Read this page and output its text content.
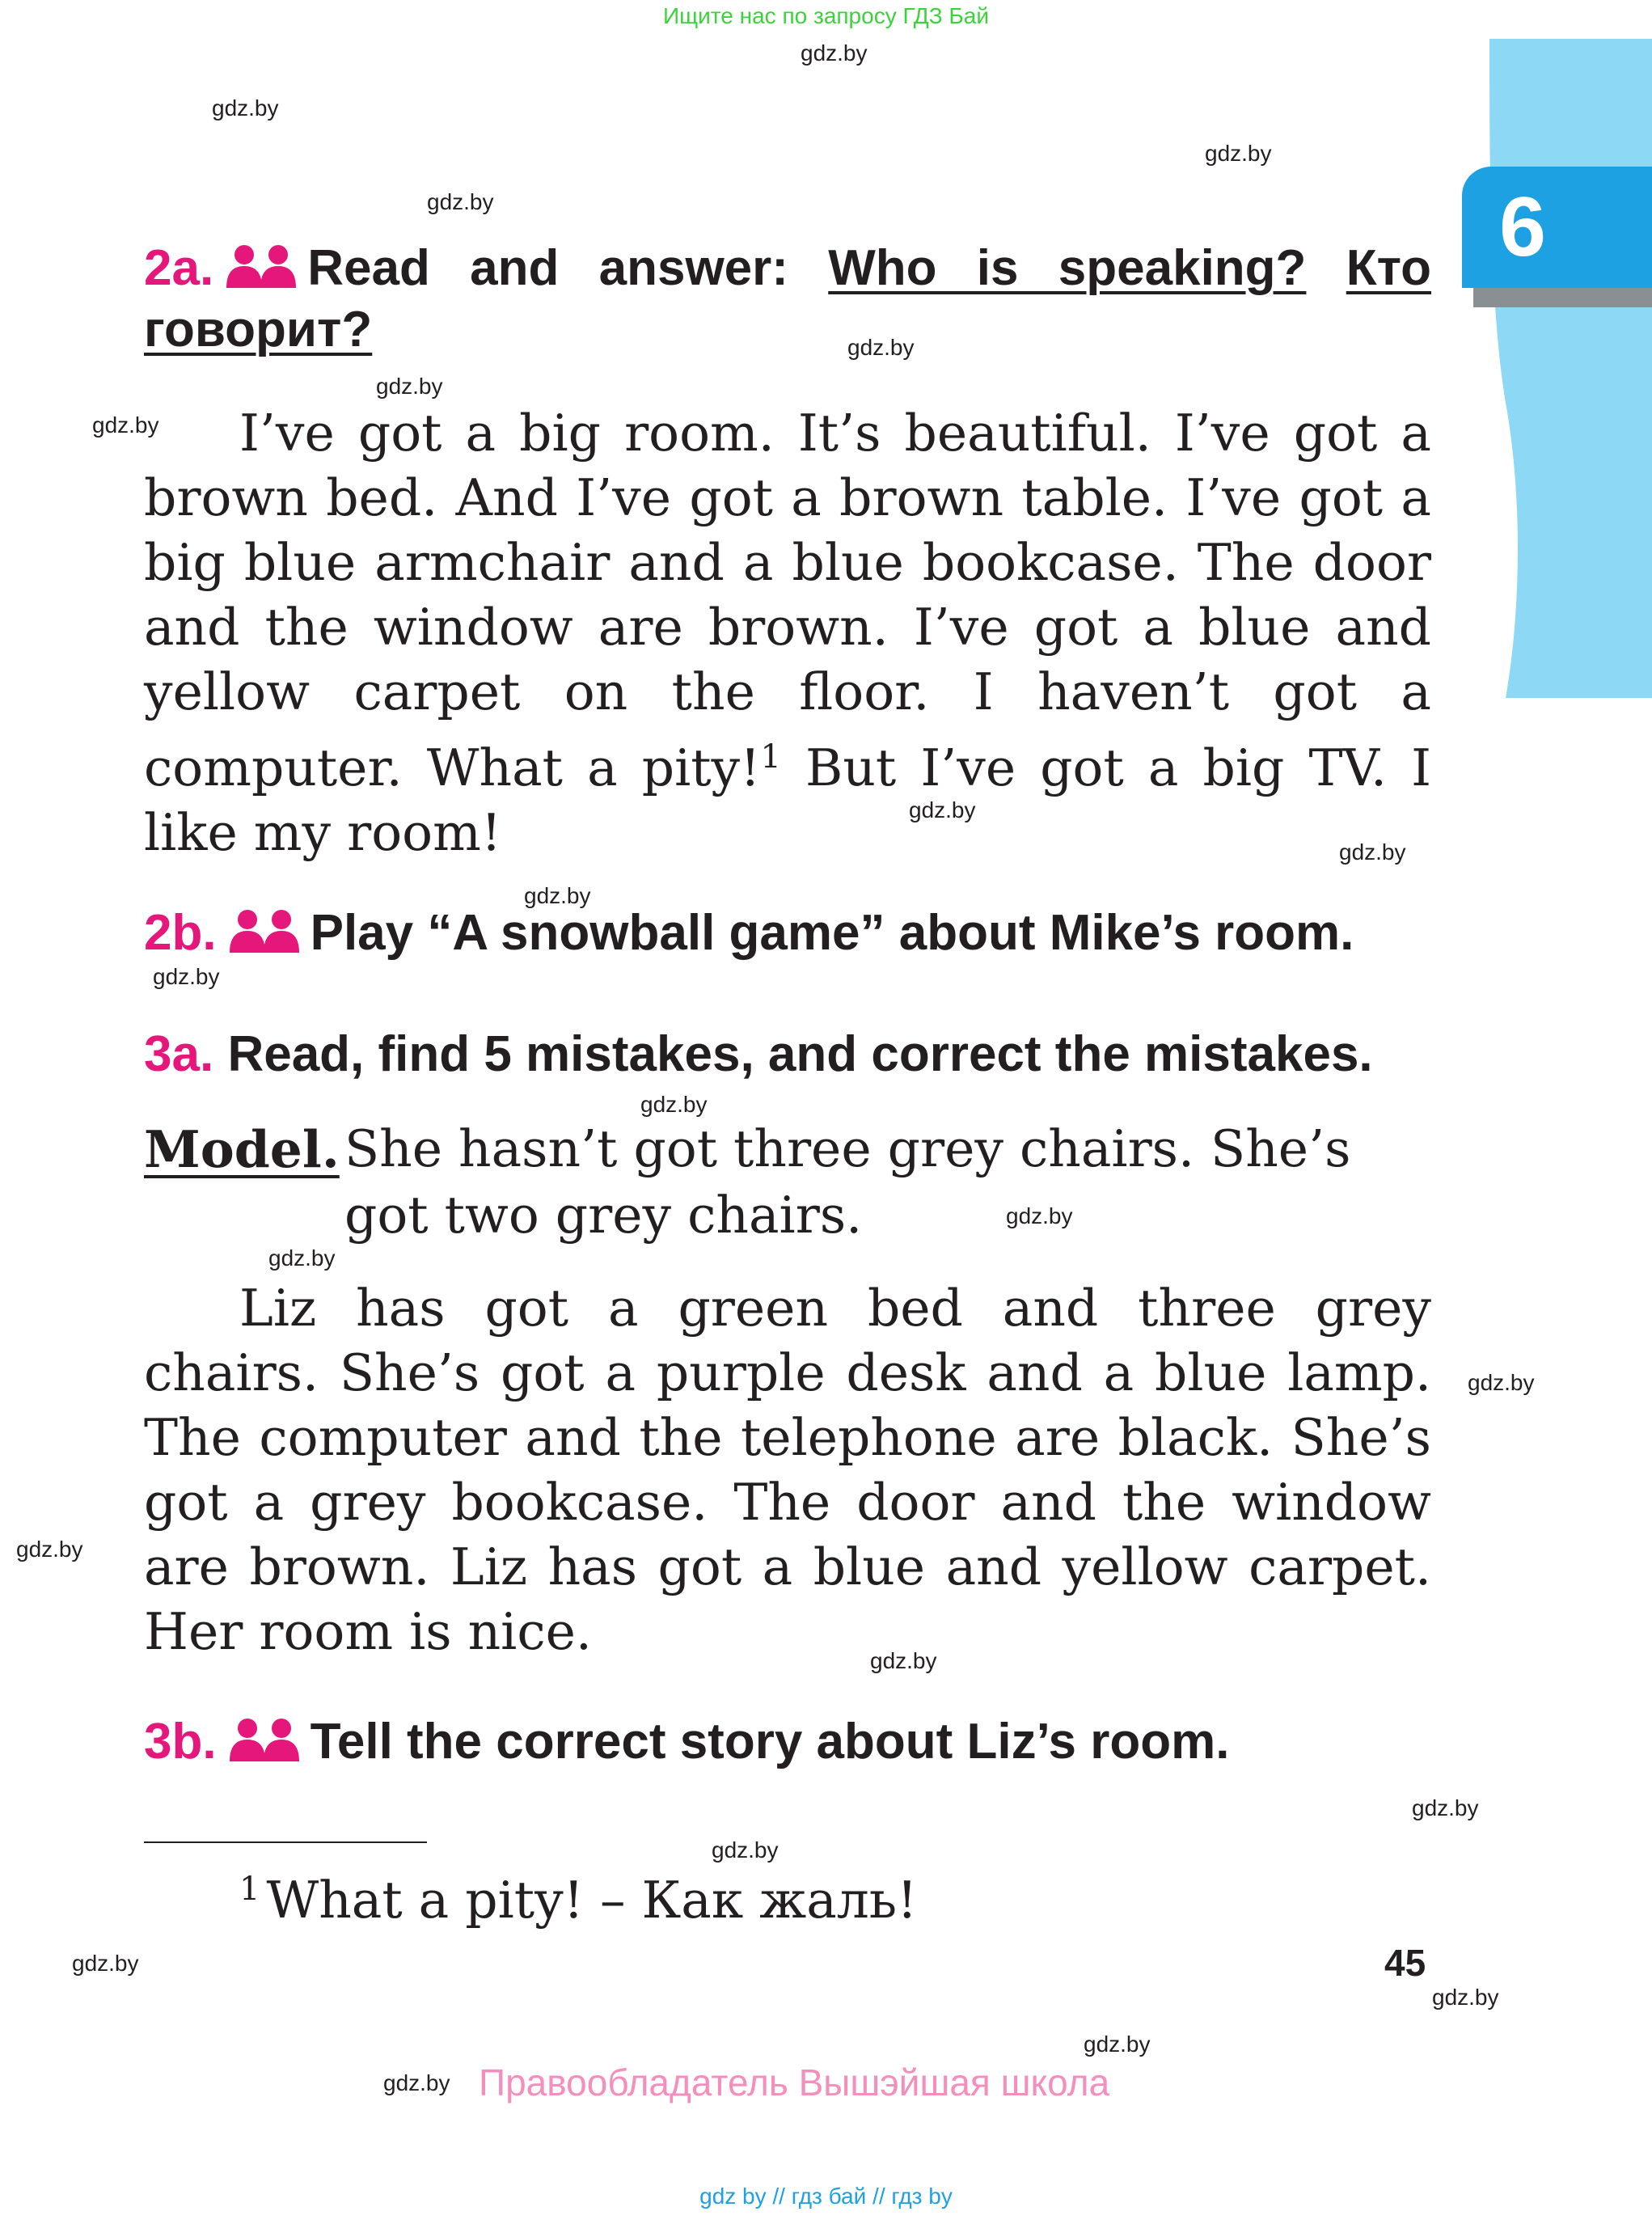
Ищите нас по запросу ГДЗ Бай
gdz.by
gdz.by
gdz.by
gdz.by
gdz.by
gdz.by
gdz.by
gdz.by
gdz.by
gdz.by
gdz.by
gdz.by
gdz.by
gdz.by
gdz.by
gdz.by
gdz.by
gdz.by
gdz.by
gdz.by
gdz.by
gdz.by
gdz.by
6
2a. Read and answer: Who is speaking? Кто говорит?
I’ve got a big room. It’s beautiful. I’ve got a brown bed. And I’ve got a brown table. I’ve got a big blue armchair and a blue bookcase. The door and the window are brown. I’ve got a blue and yellow carpet on the floor. I haven’t got a computer. What a pity!$^1$ But I’ve got a big TV. I like my room!
2b. Play “A snowball game” about Mike’s room.
3a. Read, find 5 mistakes, and correct the mistakes.
Model. She hasn’t got three grey chairs. She’s got two grey chairs.
Liz has got a green bed and three grey chairs. She’s got a purple desk and a blue lamp. The computer and the telephone are black. She’s got a grey bookcase. The door and the window are brown. Liz has got a blue and yellow carpet. Her room is nice.
3b. Tell the correct story about Liz’s room.
$^1$ What a pity! – Как жаль!
45
Правообладатель Вышэйшая школа
gdz by // гдз бай // гдз by
